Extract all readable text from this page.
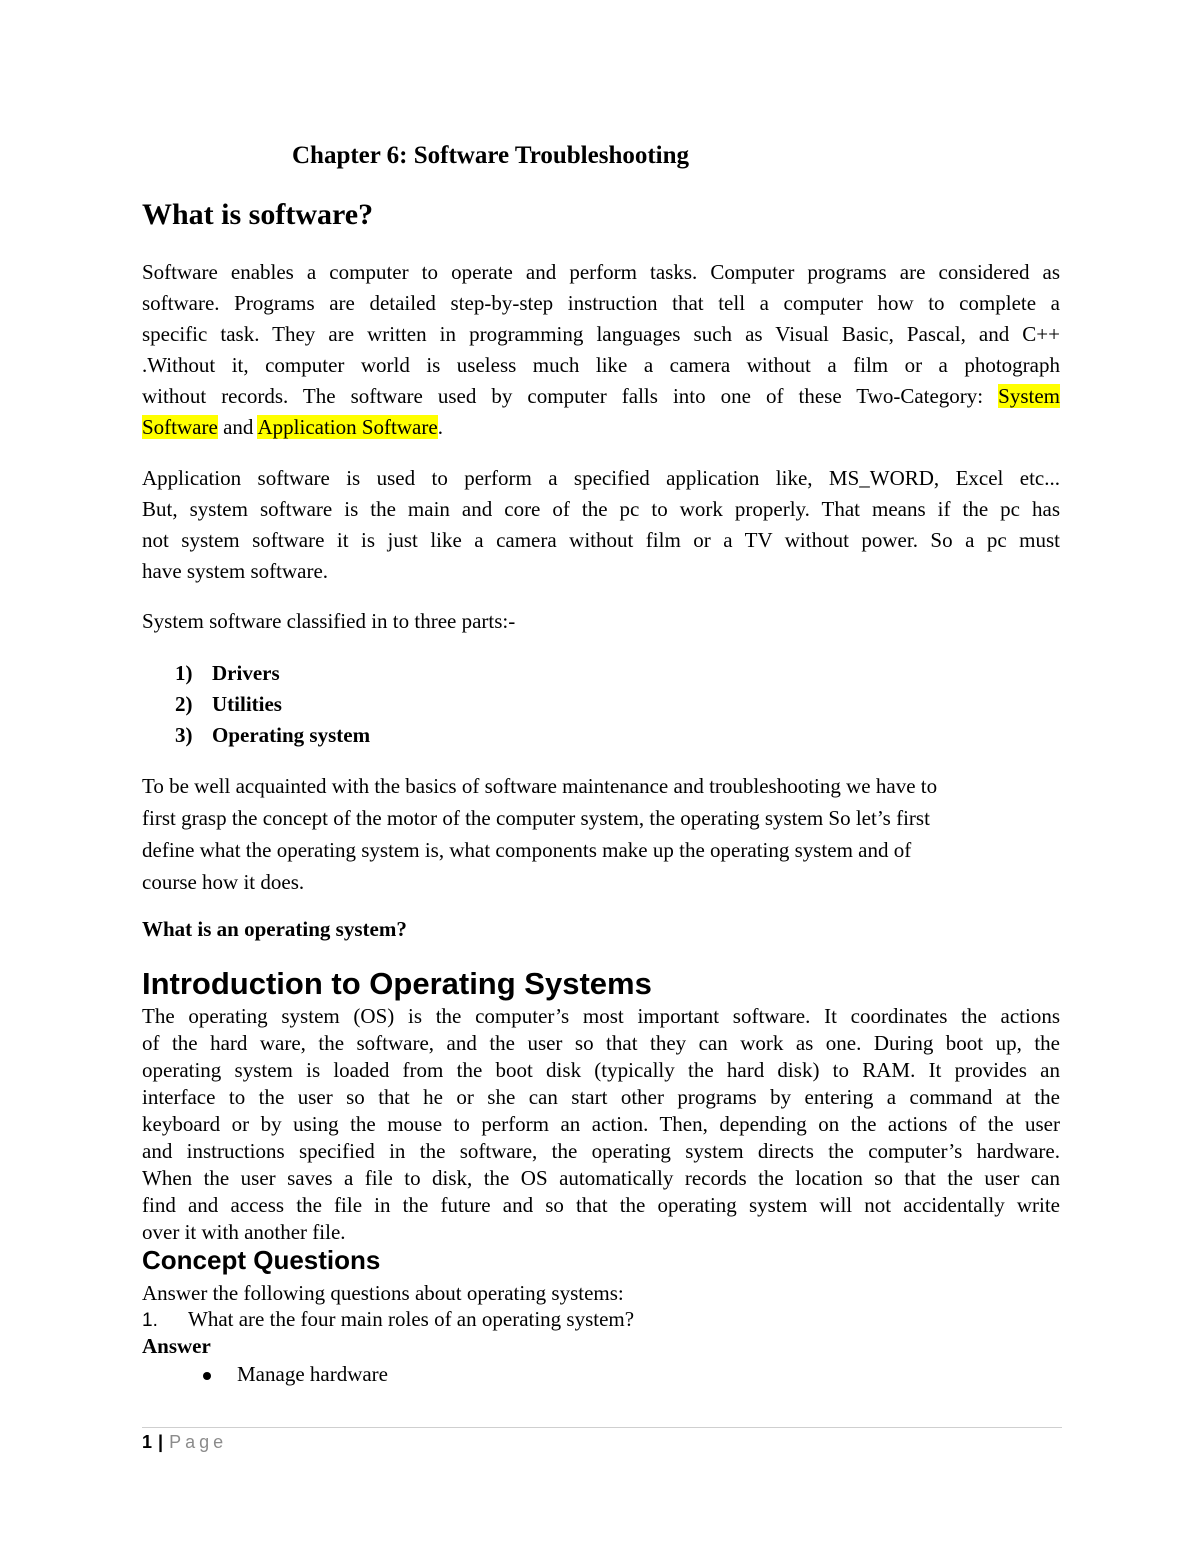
Chapter 6: Software Troubleshooting
What is software?
Software enables a computer to operate and perform tasks. Computer programs are considered as
software. Programs are detailed step-by-step instruction that tell a computer how to complete a
specific task. They are written in programming languages such as Visual Basic, Pascal, and C++
.Without it, computer world is useless much like a camera without a film or a photograph
without records. The software used by computer falls into one of these Two-Category: System
Software and Application Software.
Application software is used to perform a specified application like, MS_WORD, Excel etc...
But, system software is the main and core of the pc to work properly. That means if the pc has
not system software it is just like a camera without film or a TV without power. So a pc must
have system software.
System software classified in to three parts:-
1) Drivers
2) Utilities
3) Operating system
To be well acquainted with the basics of software maintenance and troubleshooting we have to
first grasp the concept of the motor of the computer system, the operating system So let’s first
define what the operating system is, what components make up the operating system and of
course how it does.
What is an operating system?
Introduction to Operating Systems
The operating system (OS) is the computer’s most important software. It coordinates the actions
of the hard ware, the software, and the user so that they can work as one. During boot up, the
operating system is loaded from the boot disk (typically the hard disk) to RAM. It provides an
interface to the user so that he or she can start other programs by entering a command at the
keyboard or by using the mouse to perform an action. Then, depending on the actions of the user
and instructions specified in the software, the operating system directs the computer’s hardware.
When the user saves a file to disk, the OS automatically records the location so that the user can
find and access the file in the future and so that the operating system will not accidentally write
over it with another file.
Concept Questions
Answer the following questions about operating systems:
1. What are the four main roles of an operating system?
Answer
Manage hardware
1 | Page
